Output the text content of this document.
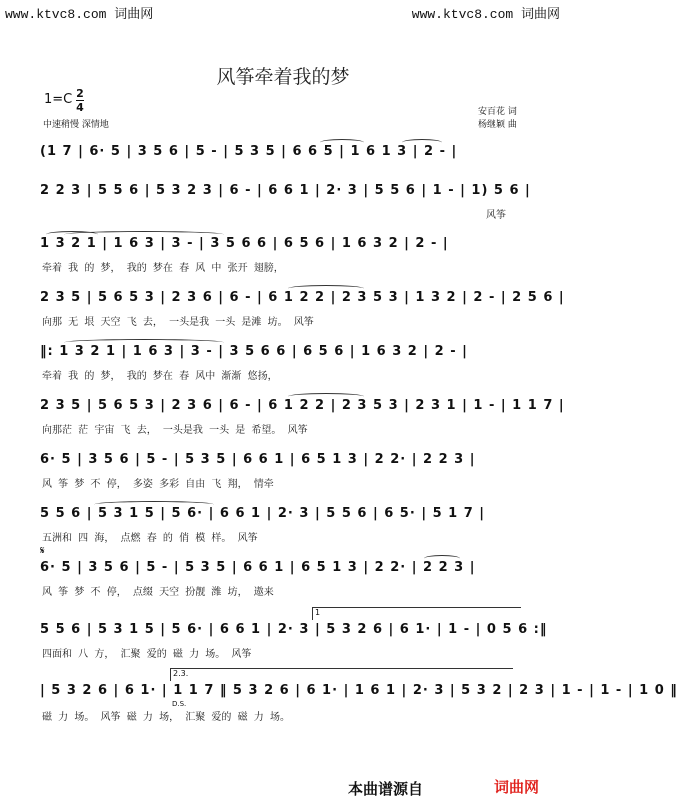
www.ktvc8.com 词曲网	www.ktvc8.com 词曲网
风筝牵着我的梦
1=C 2
4
中速稍慢 深情地
安百花 词
杨继颖 曲
(1 7 | 6· 5 | 3 5 6 | 5 - | 5 3 5 | 6 6 5 | 1 6 1 3 | 2 - |
2 2 3 | 5 5 6 | 5 3 2 3 | 6 - | 6 6 1 | 2· 3 | 5 5 6 | 1 - | 1) 5 6 |
风筝
1 3 2 1 | 1 6 3 | 3 - | 3 5 6 6 | 6 5 6 | 1 6 3 2 | 2 - |
牵着 我 的 梦， 我的 梦在 春 风 中 张开 翅膀，
2 3 5 | 5 6 5 3 | 2 3 6 | 6 - | 6 1 2 2 | 2 3 5 3 | 1 3 2 | 2 - | 2 5 6 |
向那 无 垠 天空 飞 去， 一头是我 一头 是滩 坊。 风筝
‖: 1 3 2 1 | 1 6 3 | 3 - | 3 5 6 6 | 6 5 6 | 1 6 3 2 | 2 - |
牵着 我 的 梦， 我的 梦在 春 风中 渐渐 悠扬，
2 3 5 | 5 6 5 3 | 2 3 6 | 6 - | 6 1 2 2 | 2 3 5 3 | 2 3 1 | 1 - | 1 1 7 |
向那茫 茫 宇宙 飞 去， 一头是我 一头 是 希望。 风筝
6· 5 | 3 5 6 | 5 - | 5 3 5 | 6 6 1 | 6 5 1 3 | 2 2· | 2 2 3 |
风 筝 梦 不 停， 多姿 多彩 自由 飞 翔， 情牵
5 5 6 | 5 3 1 5 | 5 6· | 6 6 1 | 2· 3 | 5 5 6 | 6 5· | 5 1 7 |
五洲和 四 海， 点燃 春 的 俏 模 样。 风筝
𝄋
6· 5 | 3 5 6 | 5 - | 5 3 5 | 6 6 1 | 6 5 1 3 | 2 2· | 2 2 3 |
风 筝 梦 不 停， 点缀 天空 扮靓 潍 坊， 遨来
1
5 5 6 | 5 3 1 5 | 5 6· | 6 6 1 | 2· 3 | 5 3 2 6 | 6 1· | 1 - | 0 5 6 :‖
四面和 八 方， 汇聚 爱的 磁 力 场。 风筝
2.3.
| 5 3 2 6 | 6 1· | 1 1 7 ‖ 5 3 2 6 | 6 1· | 1 6 1 | 2· 3 | 5 3 2 | 2 3 | 1 - | 1 - | 1 0 ‖
D.S.
磁 力 场。 风筝 磁 力 场， 汇聚 爱的 磁 力 场。
本曲谱源自	词曲网
